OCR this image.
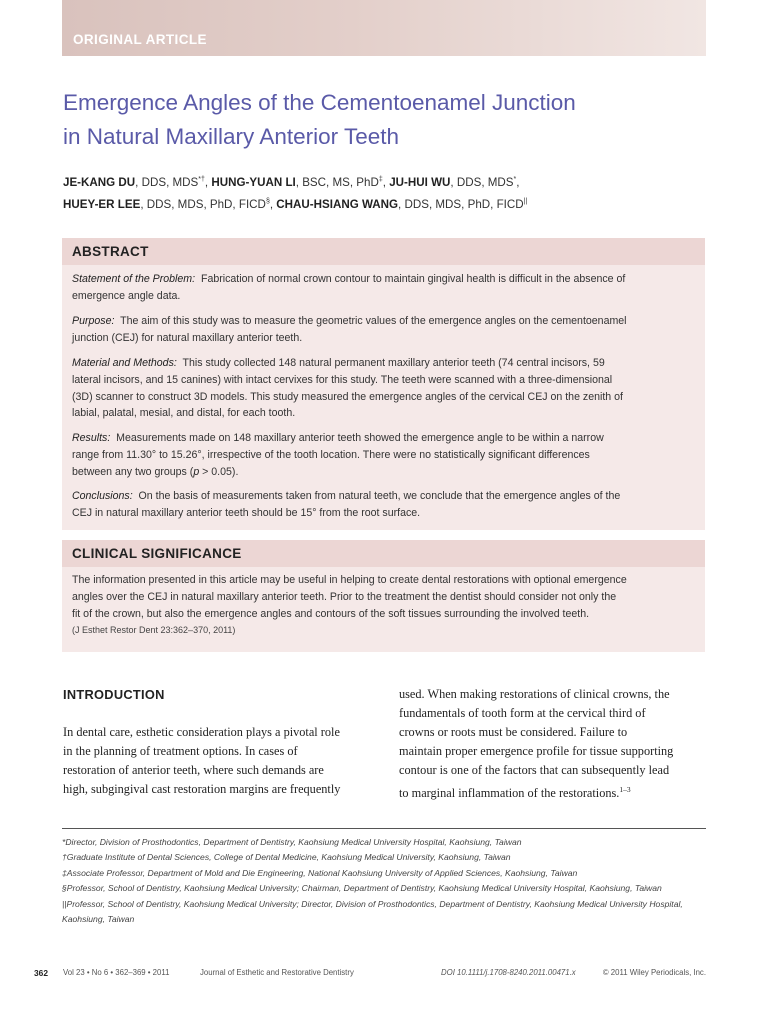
ORIGINAL ARTICLE
Emergence Angles of the Cementoenamel Junction
in Natural Maxillary Anterior Teeth
JE-KANG DU, DDS, MDS*†, HUNG-YUAN LI, BSC, MS, PhD‡, JU-HUI WU, DDS, MDS*,
HUEY-ER LEE, DDS, MDS, PhD, FICD§, CHAU-HSIANG WANG, DDS, MDS, PhD, FICD||
ABSTRACT

Statement of the Problem: Fabrication of normal crown contour to maintain gingival health is difficult in the absence of
emergence angle data.

Purpose: The aim of this study was to measure the geometric values of the emergence angles on the cementoenamel
junction (CEJ) for natural maxillary anterior teeth.

Material and Methods: This study collected 148 natural permanent maxillary anterior teeth (74 central incisors, 59
lateral incisors, and 15 canines) with intact cervixes for this study. The teeth were scanned with a three-dimensional
(3D) scanner to construct 3D models. This study measured the emergence angles of the cervical CEJ on the zenith of
labial, palatal, mesial, and distal, for each tooth.

Results: Measurements made on 148 maxillary anterior teeth showed the emergence angle to be within a narrow
range from 11.30° to 15.26°, irrespective of the tooth location. There were no statistically significant differences
between any two groups (p > 0.05).

Conclusions: On the basis of measurements taken from natural teeth, we conclude that the emergence angles of the
CEJ in natural maxillary anterior teeth should be 15° from the root surface.

CLINICAL SIGNIFICANCE

The information presented in this article may be useful in helping to create dental restorations with optional emergence
angles over the CEJ in natural maxillary anterior teeth. Prior to the treatment the dentist should consider not only the
fit of the crown, but also the emergence angles and contours of the soft tissues surrounding the involved teeth.
(J Esthet Restor Dent 23:362–370, 2011)

INTRODUCTION
In dental care, esthetic consideration plays a pivotal role
in the planning of treatment options. In cases of
restoration of anterior teeth, where such demands are
high, subgingival cast restoration margins are frequently
used. When making restorations of clinical crowns, the
fundamentals of tooth form at the cervical third of
crowns or roots must be considered. Failure to
maintain proper emergence profile for tissue supporting
contour is one of the factors that can subsequently lead
to marginal inflammation of the restorations.$^{1-3}$
*Director, Division of Prosthodontics, Department of Dentistry, Kaohsiung Medical University Hospital, Kaohsiung, Taiwan
†Graduate Institute of Dental Sciences, College of Dental Medicine, Kaohsiung Medical University, Kaohsiung, Taiwan
‡Associate Professor, Department of Mold and Die Engineering, National Kaohsiung University of Applied Sciences, Kaohsiung, Taiwan
§Professor, School of Dentistry, Kaohsiung Medical University; Chairman, Department of Dentistry, Kaohsiung Medical University Hospital, Kaohsiung, Taiwan
||Professor, School of Dentistry, Kaohsiung Medical University; Director, Division of Prosthodontics, Department of Dentistry, Kaohsiung Medical University Hospital,
Kaohsiung, Taiwan
362 Vol 23 • No 6 • 362–369 • 2011	Journal of Esthetic and Restorative Dentistry	DOI 10.1111/j.1708-8240.2011.00471.x	© 2011 Wiley Periodicals, Inc.
